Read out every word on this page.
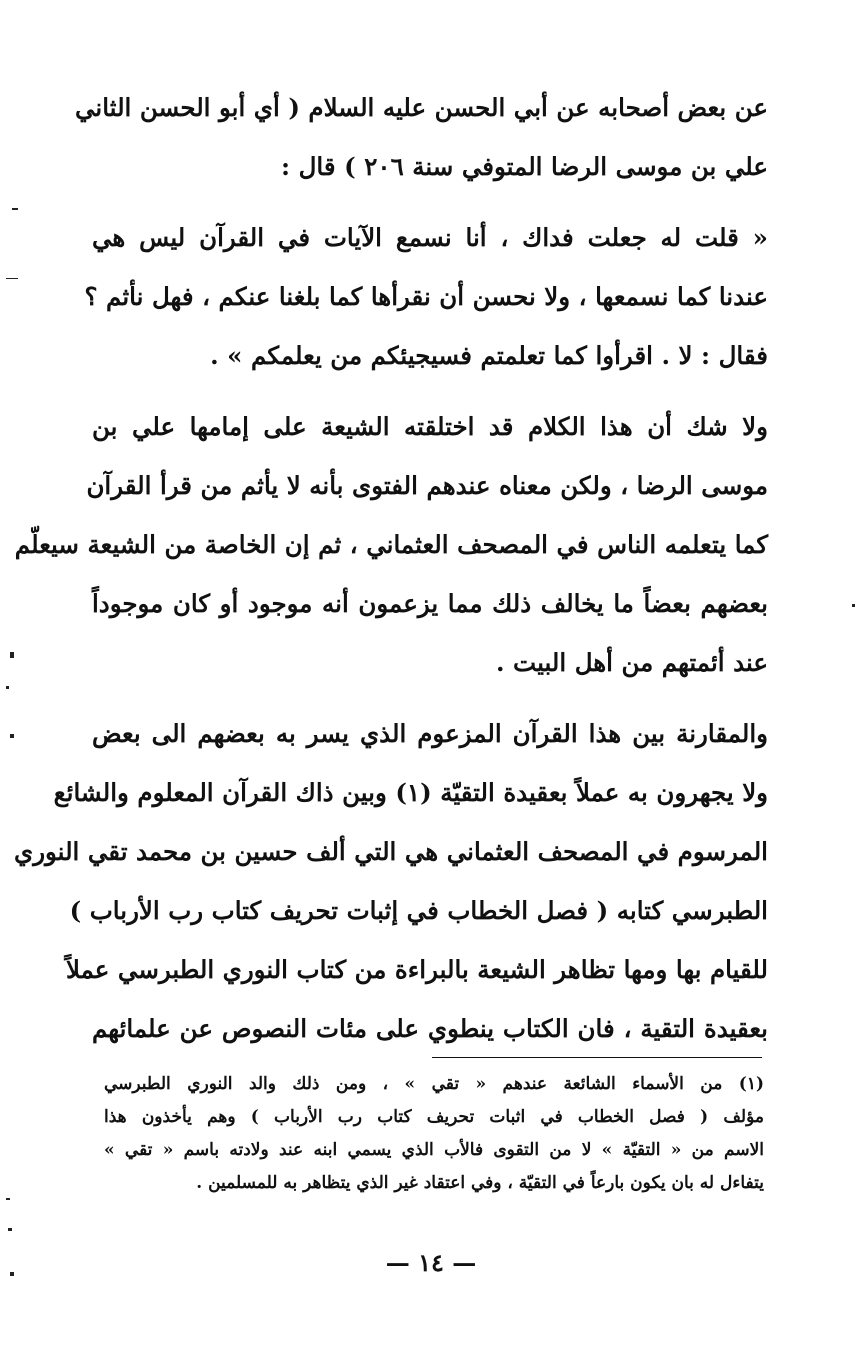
عن بعض أصحابه عن أبي الحسن عليه السلام ( أي أبو الحسن الثاني
علي بن موسى الرضا المتوفي سنة ٢٠٦ ) قال :

« قلت له جعلت فداك ، أنا نسمع الآيات في القرآن ليس هي
عندنا كما نسمعها ، ولا نحسن أن نقرأها كما بلغنا عنكم ، فهل نأثم ؟
فقال : لا . اقرأوا كما تعلمتم فسيجيئكم من يعلمكم » .

ولا شك أن هذا الكلام قد اختلقته الشيعة على إمامها علي بن
موسى الرضا ، ولكن معناه عندهم الفتوى بأنه لا يأثم من قرأ القرآن
كما يتعلمه الناس في المصحف العثماني ، ثم إن الخاصة من الشيعة سيعلّم
بعضهم بعضاً ما يخالف ذلك مما يزعمون أنه موجود أو كان موجوداً
عند أئمتهم من أهل البيت .

والمقارنة بين هذا القرآن المزعوم الذي يسر به بعضهم الى بعض
ولا يجهرون به عملاً بعقيدة التقيّة (١) وبين ذاك القرآن المعلوم والشائع
المرسوم في المصحف العثماني هي التي ألف حسين بن محمد تقي النوري
الطبرسي كتابه ( فصل الخطاب في إثبات تحريف كتاب رب الأرباب )
للقيام بها ومها تظاهر الشيعة بالبراءة من كتاب النوري الطبرسي عملاً
بعقيدة التقية ، فان الكتاب ينطوي على مئات النصوص عن علمائهم

(١) من الأسماء الشائعة عندهم « تقي » ، ومن ذلك والد النوري الطبرسي
مؤلف ( فصل الخطاب في اثبات تحريف كتاب رب الأرباب ) وهم يأخذون هذا
الاسم من « التقيّة » لا من التقوى فالأب الذي يسمي ابنه عند ولادته باسم « تقي »
يتفاءل له بان يكون بارعاً في التقيّة ، وفي اعتقاد غير الذي يتظاهر به للمسلمين .
— ١٤ —
